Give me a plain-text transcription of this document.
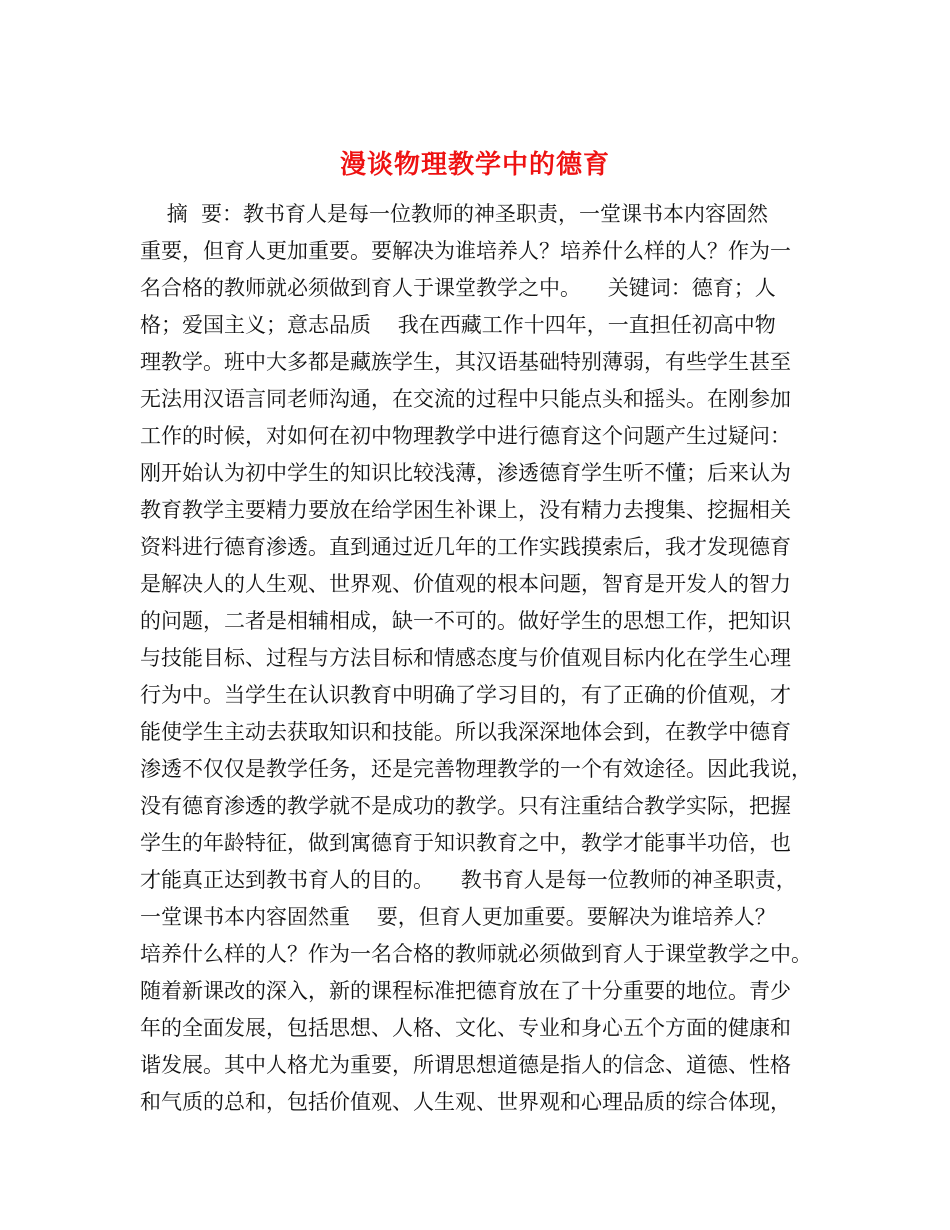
漫谈物理教学中的德育
摘  要：教书育人是每一位教师的神圣职责，一堂课书本内容固然
重要，但育人更加重要。要解决为谁培养人？培养什么样的人？作为一
名合格的教师就必须做到育人于课堂教学之中。    关键词：德育；人
格；爱国主义；意志品质    我在西藏工作十四年，一直担任初高中物
理教学。班中大多都是藏族学生，其汉语基础特别薄弱，有些学生甚至
无法用汉语言同老师沟通，在交流的过程中只能点头和摇头。在刚参加
工作的时候，对如何在初中物理教学中进行德育这个问题产生过疑问：
刚开始认为初中学生的知识比较浅薄，渗透德育学生听不懂；后来认为
教育教学主要精力要放在给学困生补课上，没有精力去搜集、挖掘相关
资料进行德育渗透。直到通过近几年的工作实践摸索后，我才发现德育
是解决人的人生观、世界观、价值观的根本问题，智育是开发人的智力
的问题，二者是相辅相成，缺一不可的。做好学生的思想工作，把知识
与技能目标、过程与方法目标和情感态度与价值观目标内化在学生心理
行为中。当学生在认识教育中明确了学习目的，有了正确的价值观，才
能使学生主动去获取知识和技能。所以我深深地体会到，在教学中德育
渗透不仅仅是教学任务，还是完善物理教学的一个有效途径。因此我说，
没有德育渗透的教学就不是成功的教学。只有注重结合教学实际，把握
学生的年龄特征，做到寓德育于知识教育之中，教学才能事半功倍，也
才能真正达到教书育人的目的。    教书育人是每一位教师的神圣职责，
一堂课书本内容固然重    要，但育人更加重要。要解决为谁培养人？
培养什么样的人？作为一名合格的教师就必须做到育人于课堂教学之中。
随着新课改的深入，新的课程标准把德育放在了十分重要的地位。青少
年的全面发展，包括思想、人格、文化、专业和身心五个方面的健康和
谐发展。其中人格尤为重要，所谓思想道德是指人的信念、道德、性格
和气质的总和，包括价值观、人生观、世界观和心理品质的综合体现，
